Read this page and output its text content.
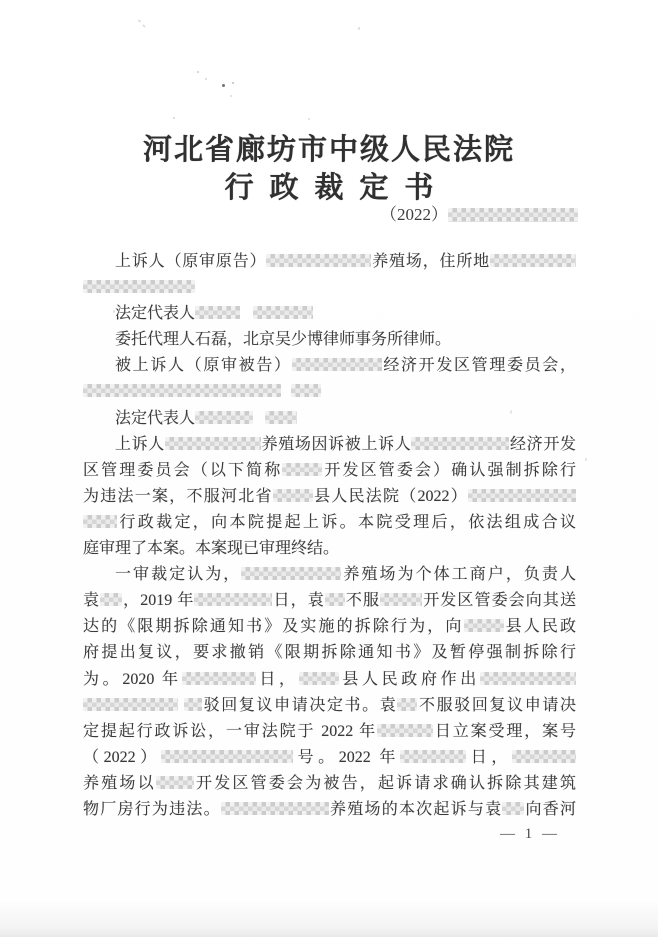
河北省廊坊市中级人民法院
行政裁定书
（2022）
上诉人（原审原告）	养殖场，住所地
法定代表人
委托代理人石磊，北京吴少博律师事务所律师。
被上诉人（原审被告）	经济开发区管理委员会，
法定代表人
上诉人	养殖场因诉被上诉人	经济开发
区管理委员会（以下简称	开发区管委会）确认强制拆除行
为违法一案，不服河北省	县人民法院（2022）
行政裁定，向本院提起上诉。本院受理后，依法组成合议
庭审理了本案。本案现已审理终结。
一审裁定认为，	养殖场为个体工商户，负责人
袁 ，2019 年	日，袁 不服	开发区管委会向其送
达的《限期拆除通知书》及实施的拆除行为，向	县人民政
府提出复议，要求撤销《限期拆除通知书》及暂停强制拆除行
为。2020 年	日，	县人民政府作出
驳回复议申请决定书。袁 不服驳回复议申请决
定提起行政诉讼，一审法院于 2022 年	日立案受理，案号
（2022）	号。2022 年	日，
养殖场以 开发区管委会为被告，起诉请求确认拆除其建筑
物厂房行为违法。	养殖场的本次起诉与袁 向香河
— 1 —
